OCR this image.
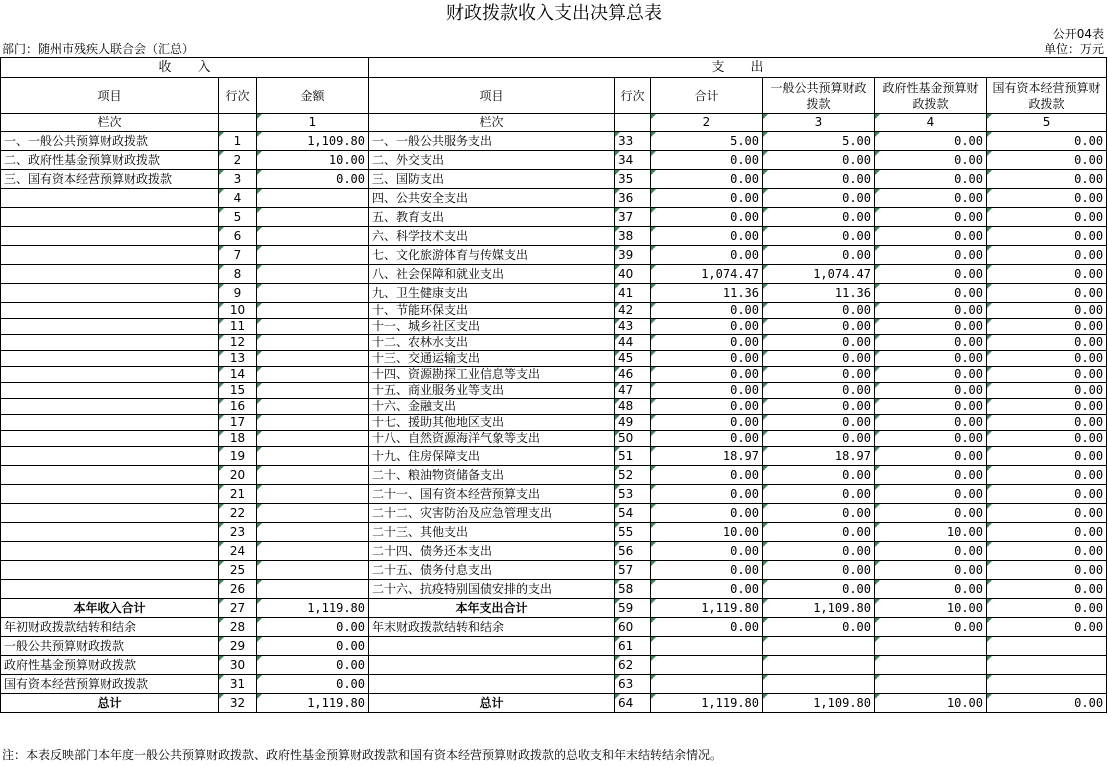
财政拨款收入支出决算总表
公开04表
部门：随州市残疾人联合会（汇总）	单位：万元
收　　入			支　　出					
项目	行次	金额	项目	行次	合计	一般公共预算财政拨款	政府性基金预算财政拨款	国有资本经营预算财政拨款
栏次		1	栏次		2	3	4	5
一、一般公共预算财政拨款	1	1,109.80	一、一般公共服务支出	33	5.00	5.00	0.00	0.00
二、政府性基金预算财政拨款	2	10.00	二、外交支出	34	0.00	0.00	0.00	0.00
三、国有资本经营预算财政拨款	3	0.00	三、国防支出	35	0.00	0.00	0.00	0.00
	4		四、公共安全支出	36	0.00	0.00	0.00	0.00
	5		五、教育支出	37	0.00	0.00	0.00	0.00
	6		六、科学技术支出	38	0.00	0.00	0.00	0.00
	7		七、文化旅游体育与传媒支出	39	0.00	0.00	0.00	0.00
	8		八、社会保障和就业支出	40	1,074.47	1,074.47	0.00	0.00
	9		九、卫生健康支出	41	11.36	11.36	0.00	0.00
	10		十、节能环保支出	42	0.00	0.00	0.00	0.00
	11		十一、城乡社区支出	43	0.00	0.00	0.00	0.00
	12		十二、农林水支出	44	0.00	0.00	0.00	0.00
	13		十三、交通运输支出	45	0.00	0.00	0.00	0.00
	14		十四、资源勘探工业信息等支出	46	0.00	0.00	0.00	0.00
	15		十五、商业服务业等支出	47	0.00	0.00	0.00	0.00
	16		十六、金融支出	48	0.00	0.00	0.00	0.00
	17		十七、援助其他地区支出	49	0.00	0.00	0.00	0.00
	18		十八、自然资源海洋气象等支出	50	0.00	0.00	0.00	0.00
	19		十九、住房保障支出	51	18.97	18.97	0.00	0.00
	20		二十、粮油物资储备支出	52	0.00	0.00	0.00	0.00
	21		二十一、国有资本经营预算支出	53	0.00	0.00	0.00	0.00
	22		二十二、灾害防治及应急管理支出	54	0.00	0.00	0.00	0.00
	23		二十三、其他支出	55	10.00	0.00	10.00	0.00
	24		二十四、债务还本支出	56	0.00	0.00	0.00	0.00
	25		二十五、债务付息支出	57	0.00	0.00	0.00	0.00
	26		二十六、抗疫特别国债安排的支出	58	0.00	0.00	0.00	0.00
本年收入合计	27	1,119.80	本年支出合计	59	1,119.80	1,109.80	10.00	0.00
年初财政拨款结转和结余	28	0.00	年末财政拨款结转和结余	60	0.00	0.00	0.00	0.00
一般公共预算财政拨款	29	0.00		61				
政府性基金预算财政拨款	30	0.00		62				
国有资本经营预算财政拨款	31	0.00		63				
总计	32	1,119.80	总计	64	1,119.80	1,109.80	10.00	0.00
注：本表反映部门本年度一般公共预算财政拨款、政府性基金预算财政拨款和国有资本经营预算财政拨款的总收支和年末结转结余情况。
